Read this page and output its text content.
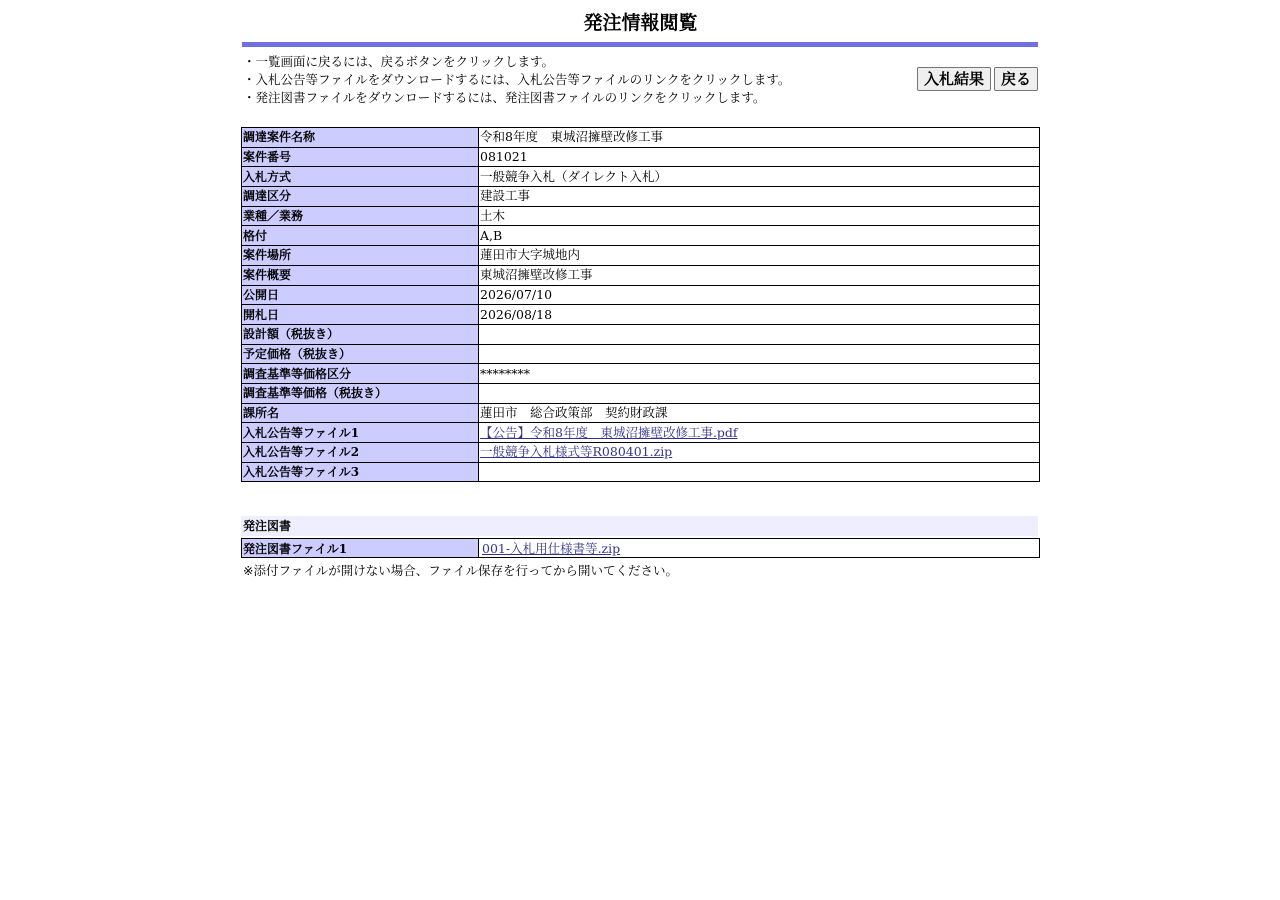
発注情報閲覧
・一覧画面に戻るには、戻るボタンをクリックします。
・入札公告等ファイルをダウンロードするには、入札公告等ファイルのリンクをクリックします。
・発注図書ファイルをダウンロードするには、発注図書ファイルのリンクをクリックします。
入札結果	戻る
調達案件名称	令和8年度　東城沼擁壁改修工事
案件番号	081021
入札方式	一般競争入札（ダイレクト入札）
調達区分	建設工事
業種／業務	土木
格付	A,B
案件場所	蓮田市大字城地内
案件概要	東城沼擁壁改修工事
公開日	2026/07/10
開札日	2026/08/18
設計額（税抜き）	
予定価格（税抜き）	
調査基準等価格区分	********
調査基準等価格（税抜き）	
課所名	蓮田市　総合政策部　契約財政課
入札公告等ファイル1	【公告】令和8年度　東城沼擁壁改修工事.pdf
入札公告等ファイル2	一般競争入札様式等R080401.zip
入札公告等ファイル3	
発注図書
発注図書ファイル1	001-入札用仕様書等.zip
※添付ファイルが開けない場合、ファイル保存を行ってから開いてください。
